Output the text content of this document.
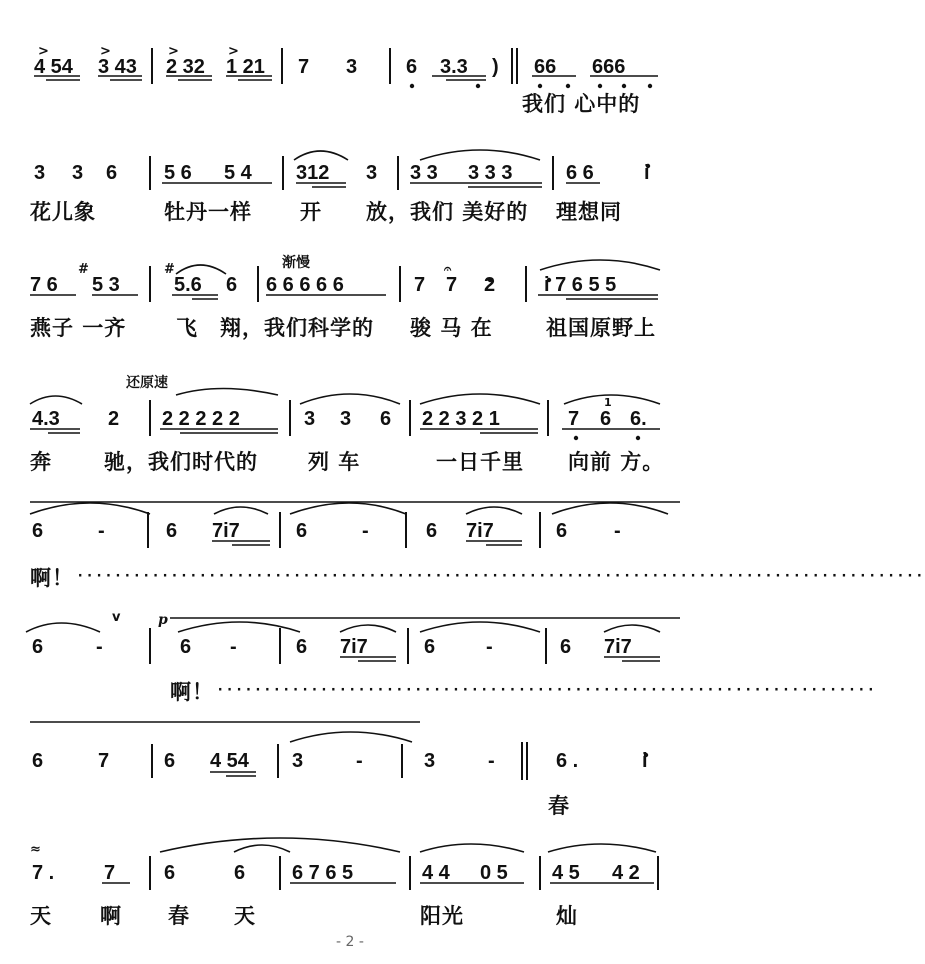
>	>	>	>
4 54 3 43 2 32 1 21 7 3 6 3.3 ) 66 666
我们 心中的
3 3 6 5 6 5 4 312 3 3 3 3 3 3	6 6	i
花儿象	牡丹一样 开 放，我们 美好的 理想同
渐慢
#	#	𝄐
7 6 5 3	5.6 6 6 6 6 6 6	7 7 2 i 7 6 5 5
燕子 一齐 飞 翔，我们科学的 骏 马 在	祖国原野上
还原速
1
4.3 2 2 2 2 2 2	3 3 6 2 2 3 2 1	7 6 6.
奔 驰，我们时代的 列 车	一日千里 向前 方。
6	-	6 7i7	6	-	6 7i7	6 -
啊！ ··························································································
v	p
6	-	6 -	6 7i7	6	-	6 7i7
啊！ ······································································
6	7	6 4 54 3	-	3	-	6 .	i
春
≈
7 . 7 6	6 6 7 6 5	4 4 0 5 4 5 4 2
天 啊 春 天	阳光	灿
- 2 -
